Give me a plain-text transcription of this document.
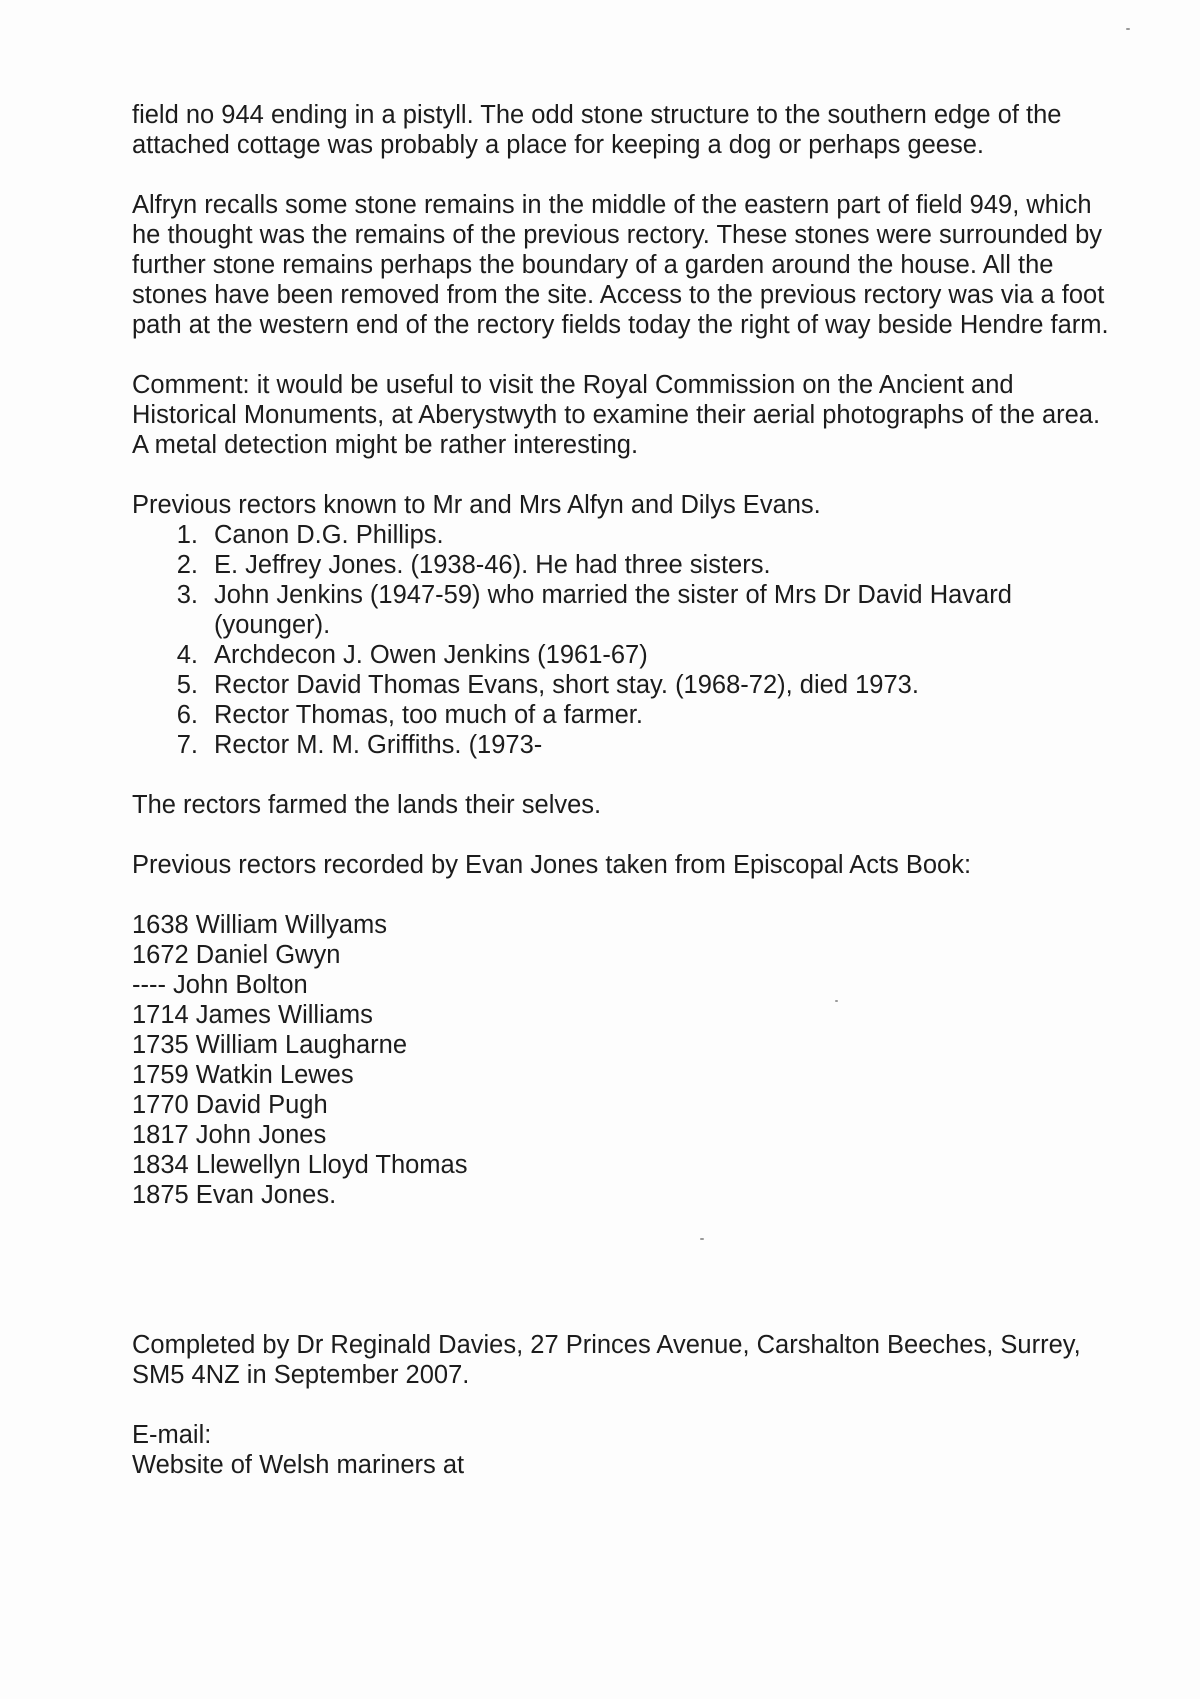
field no 944 ending in a pistyll. The odd stone structure to the southern edge of the attached cottage was probably a place for keeping a dog or perhaps geese.

Alfryn recalls some stone remains in the middle of the eastern part of field 949, which he thought was the remains of the previous rectory. These stones were surrounded by further stone remains perhaps the boundary of a garden around the house. All the stones have been removed from the site. Access to the previous rectory was via a foot path at the western end of the rectory fields today the right of way beside Hendre farm.

Comment: it would be useful to visit the Royal Commission on the Ancient and Historical Monuments, at Aberystwyth to examine their aerial photographs of the area.

A metal detection might be rather interesting.

Previous rectors known to Mr and Mrs Alfyn and Dilys Evans.

1. Canon D.G. Phillips.
2. E. Jeffrey Jones. (1938-46). He had three sisters.
3. John Jenkins (1947-59) who married the sister of Mrs Dr David Havard (younger).
4. Archdecon J. Owen Jenkins (1961-67)
5. Rector David Thomas Evans, short stay. (1968-72), died 1973.
6. Rector Thomas, too much of a farmer.
7. Rector M. M. Griffiths. (1973-

The rectors farmed the lands their selves.

Previous rectors recorded by Evan Jones taken from Episcopal Acts Book:

1638 William Willyams
1672 Daniel Gwyn
---- John Bolton
1714 James Williams
1735 William Laugharne
1759 Watkin Lewes
1770 David Pugh
1817 John Jones
1834 Llewellyn Lloyd Thomas
1875 Evan Jones.

Completed by Dr Reginald Davies, 27 Princes Avenue, Carshalton Beeches, Surrey, SM5 4NZ in September 2007.

E-mail:

Website of Welsh mariners at
